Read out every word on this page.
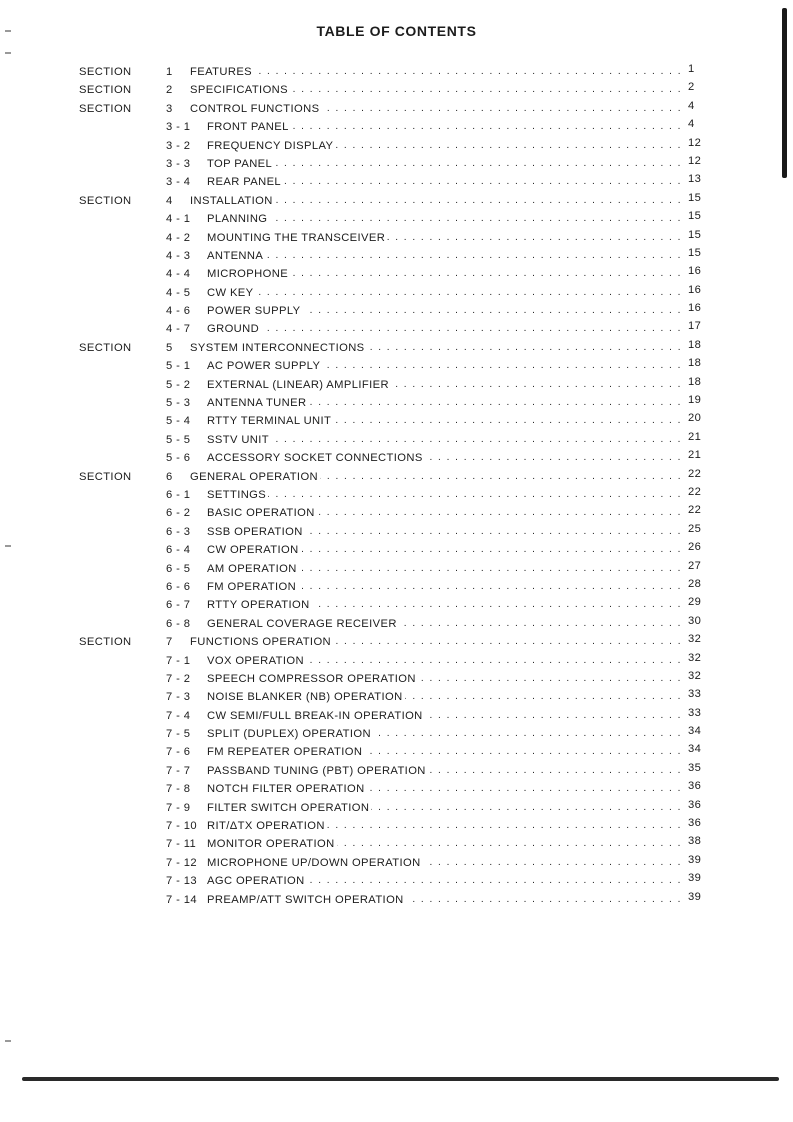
TABLE OF CONTENTS
SECTION	1 FEATURES . . .	1
SECTION	2 SPECIFICATIONS . . .	2
SECTION	3 CONTROL FUNCTIONS . . .	4
3 - 1 FRONT PANEL . . .	4
3 - 2 FREQUENCY DISPLAY . . .	12
3 - 3 TOP PANEL . . .	12
3 - 4 REAR PANEL . . .	13
SECTION	4 INSTALLATION . . .	15
4 - 1 PLANNING . . .	15
4 - 2 MOUNTING THE TRANSCEIVER . . .	15
4 - 3 ANTENNA . . .	15
4 - 4 MICROPHONE . . .	16
4 - 5 CW KEY . . .	16
4 - 6 POWER SUPPLY . . .	16
4 - 7 GROUND . . .	17
SECTION	5 SYSTEM INTERCONNECTIONS . . .	18
5 - 1 AC POWER SUPPLY . . .	18
5 - 2 EXTERNAL (LINEAR) AMPLIFIER . . .	18
5 - 3 ANTENNA TUNER . . .	19
5 - 4 RTTY TERMINAL UNIT . . .	20
5 - 5 SSTV UNIT . . .	21
5 - 6 ACCESSORY SOCKET CONNECTIONS . . .	21
SECTION	6 GENERAL OPERATION . . .	22
6 - 1 SETTINGS . . .	22
6 - 2 BASIC OPERATION . . .	22
6 - 3 SSB OPERATION . . .	25
6 - 4 CW OPERATION . . .	26
6 - 5 AM OPERATION . . .	27
6 - 6 FM OPERATION . . .	28
6 - 7 RTTY OPERATION . . .	29
6 - 8 GENERAL COVERAGE RECEIVER . . .	30
SECTION	7 FUNCTIONS OPERATION . . .	32
7 - 1 VOX OPERATION . . .	32
7 - 2 SPEECH COMPRESSOR OPERATION . . .	32
7 - 3 NOISE BLANKER (NB) OPERATION . . .	33
7 - 4 CW SEMI/FULL BREAK-IN OPERATION . . .	33
7 - 5 SPLIT (DUPLEX) OPERATION . . .	34
7 - 6 FM REPEATER OPERATION . . .	34
7 - 7 PASSBAND TUNING (PBT) OPERATION . . .	35
7 - 8 NOTCH FILTER OPERATION . . .	36
7 - 9 FILTER SWITCH OPERATION . . .	36
7 - 10 RIT/ΔTX OPERATION . . .	36
7 - 11 MONITOR OPERATION . . .	38
7 - 12 MICROPHONE UP/DOWN OPERATION . . .	39
7 - 13 AGC OPERATION . . .	39
7 - 14 PREAMP/ATT SWITCH OPERATION . . .	39
